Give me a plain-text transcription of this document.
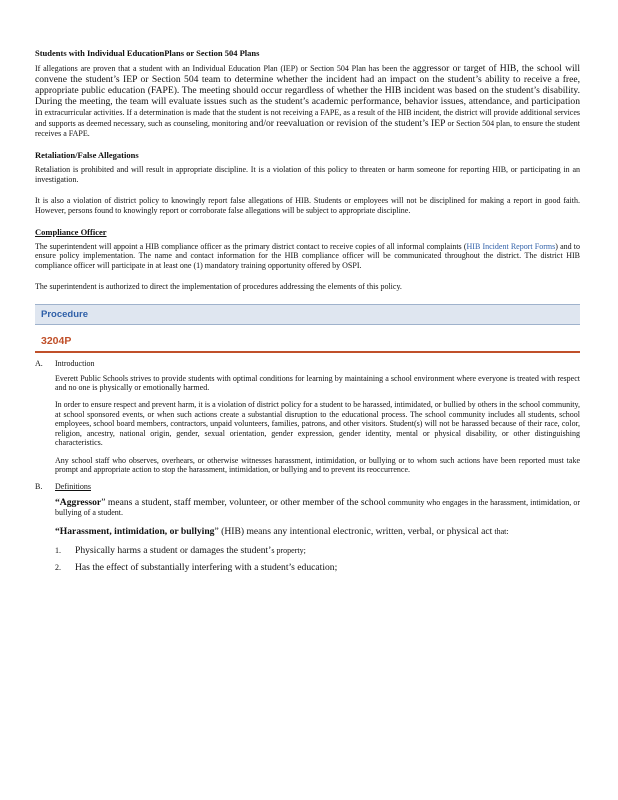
Students with Individual EducationPlans or Section 504 Plans

If allegations are proven that a student with an Individual Education Plan (IEP) or Section 504 Plan has been the aggressor or target of HIB, the school will convene the student’s IEP or Section 504 team to determine whether the incident had an impact on the student’s ability to receive a free, appropriate public education (FAPE). The meeting should occur regardless of whether the HIB incident was based on the student’s disability. During the meeting, the team will evaluate issues such as the student’s academic performance, behavior issues, attendance, and participation in extracurricular activities. If a determination is made that the student is not receiving a FAPE, as a result of the HIB incident, the district will provide additional services and supports as deemed necessary, such as counseling, monitoring and/or reevaluation or revision of the student’s IEP or Section 504 plan, to ensure the student receives a FAPE.

Retaliation/False Allegations

Retaliation is prohibited and will result in appropriate discipline. It is a violation of this policy to threaten or harm someone for reporting HIB, or participating in an investigation.

It is also a violation of district policy to knowingly report false allegations of HIB. Students or employees will not be disciplined for making a report in good faith. However, persons found to knowingly report or corroborate false allegations will be subject to appropriate discipline.

Compliance Officer

The superintendent will appoint a HIB compliance officer as the primary district contact to receive copies of all informal complaints (HIB Incident Report Forms) and to ensure policy implementation. The name and contact information for the HIB compliance officer will be communicated throughout the district. The district HIB compliance officer will participate in at least one (1) mandatory training opportunity offered by OSPI.

The superintendent is authorized to direct the implementation of procedures addressing the elements of this policy.

Procedure
3204P
A.	Introduction

Everett Public Schools strives to provide students with optimal conditions for learning by maintaining a school environment where everyone is treated with respect and no one is physically or emotionally harmed.

In order to ensure respect and prevent harm, it is a violation of district policy for a student to be harassed, intimidated, or bullied by others in the school community, at school sponsored events, or when such actions create a substantial disruption to the educational process. The school community includes all students, school employees, school board members, contractors, unpaid volunteers, families, patrons, and other visitors. Student(s) will not be harassed because of their race, color, religion, ancestry, national origin, gender, sexual orientation, gender expression, gender identity, mental or physical disability, or other distinguishing characteristics.

Any school staff who observes, overhears, or otherwise witnesses harassment, intimidation, or bullying or to whom such actions have been reported must take prompt and appropriate action to stop the harassment, intimidation, or bullying and to prevent its reoccurrence.

B.	Definitions

“Aggressor” means a student, staff member, volunteer, or other member of the school community who engages in the harassment, intimidation, or bullying of a student.

“Harassment, intimidation, or bullying” (HIB) means any intentional electronic, written, verbal, or physical act that:

1.	Physically harms a student or damages the student’s property;
2.	Has the effect of substantially interfering with a student’s education;
